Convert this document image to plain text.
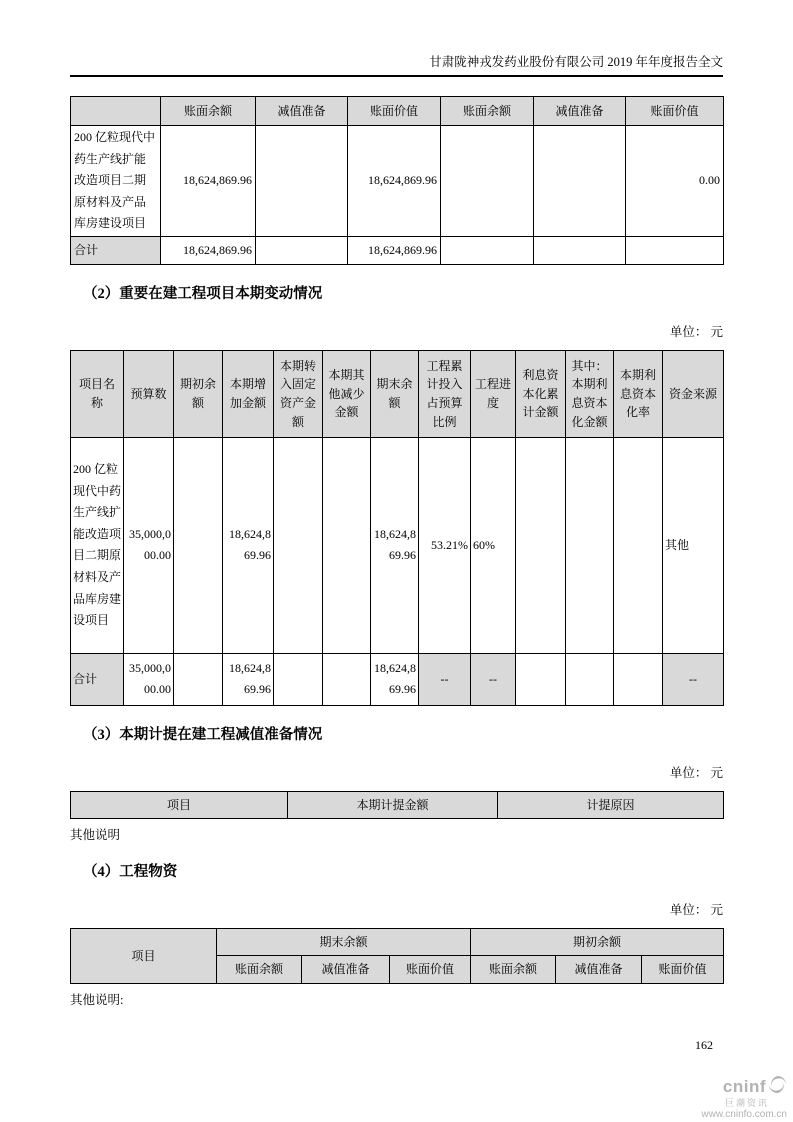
甘肃陇神戎发药业股份有限公司 2019 年年度报告全文
	账面余额	减值准备	账面价值	账面余额	减值准备	账面价值
200 亿粒现代中药生产线扩能改造项目二期原材料及产品库房建设项目	18,624,869.96		18,624,869.96			0.00
合计	18,624,869.96		18,624,869.96			
（2）重要在建工程项目本期变动情况
单位： 元
项目名称	预算数	期初余额	本期增加金额	本期转入固定资产金额	本期其他减少金额	期末余额	工程累计投入占预算比例	工程进度	利息资本化累计金额	其中：本期利息资本化金额	本期利息资本化率	资金来源
200 亿粒现代中药生产线扩能改造项目二期原材料及产品库房建设项目	35,000,000.00		18,624,869.96			18,624,869.96	53.21%	60%				其他
合计	35,000,000.00		18,624,869.96			18,624,869.96	--	--				--
（3）本期计提在建工程减值准备情况
单位： 元
项目	本期计提金额	计提原因
其他说明
（4）工程物资
单位： 元
项目	期末余额			期初余额		
	账面余额	减值准备	账面价值	账面余额	减值准备	账面价值
其他说明:
162
cninf
巨潮资讯
www.cninfo.com.cn
